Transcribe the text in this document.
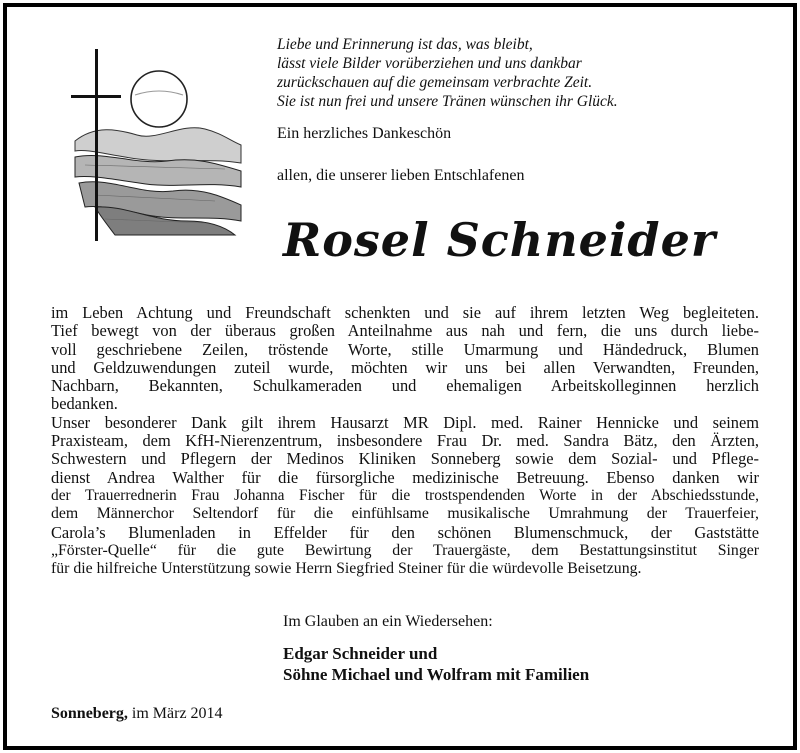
Liebe und Erinnerung ist das, was bleibt,
lässt viele Bilder vorüberziehen und uns dankbar
zurückschauen auf die gemeinsam verbrachte Zeit.
Sie ist nun frei und unsere Tränen wünschen ihr Glück.
Ein herzliches Dankeschön
allen, die unserer lieben Entschlafenen
Rosel Schneider
im Leben Achtung und Freundschaft schenkten und sie auf ihrem letzten Weg begleiteten.
Tief bewegt von der überaus großen Anteilnahme aus nah und fern, die uns durch liebe-
voll geschriebene Zeilen, tröstende Worte, stille Umarmung und Händedruck, Blumen
und Geldzuwendungen zuteil wurde, möchten wir uns bei allen Verwandten, Freunden,
Nachbarn, Bekannten, Schulkameraden und ehemaligen Arbeitskolleginnen herzlich
bedanken.
Unser besonderer Dank gilt ihrem Hausarzt MR Dipl. med. Rainer Hennicke und seinem
Praxisteam, dem KfH-Nierenzentrum, insbesondere Frau Dr. med. Sandra Bätz, den Ärzten,
Schwestern und Pflegern der Medinos Kliniken Sonneberg sowie dem Sozial- und Pflege-
dienst Andrea Walther für die fürsorgliche medizinische Betreuung. Ebenso danken wir
der Trauerrednerin Frau Johanna Fischer für die trostspendenden Worte in der Abschiedsstunde,
dem Männerchor Seltendorf für die einfühlsame musikalische Umrahmung der Trauerfeier,
Carola’s Blumenladen in Effelder für den schönen Blumenschmuck, der Gaststätte
„Förster-Quelle“ für die gute Bewirtung der Trauergäste, dem Bestattungsinstitut Singer
für die hilfreiche Unterstützung sowie Herrn Siegfried Steiner für die würdevolle Beisetzung.
Im Glauben an ein Wiedersehen:
Edgar Schneider und
Söhne Michael und Wolfram mit Familien
Sonneberg, im März 2014
